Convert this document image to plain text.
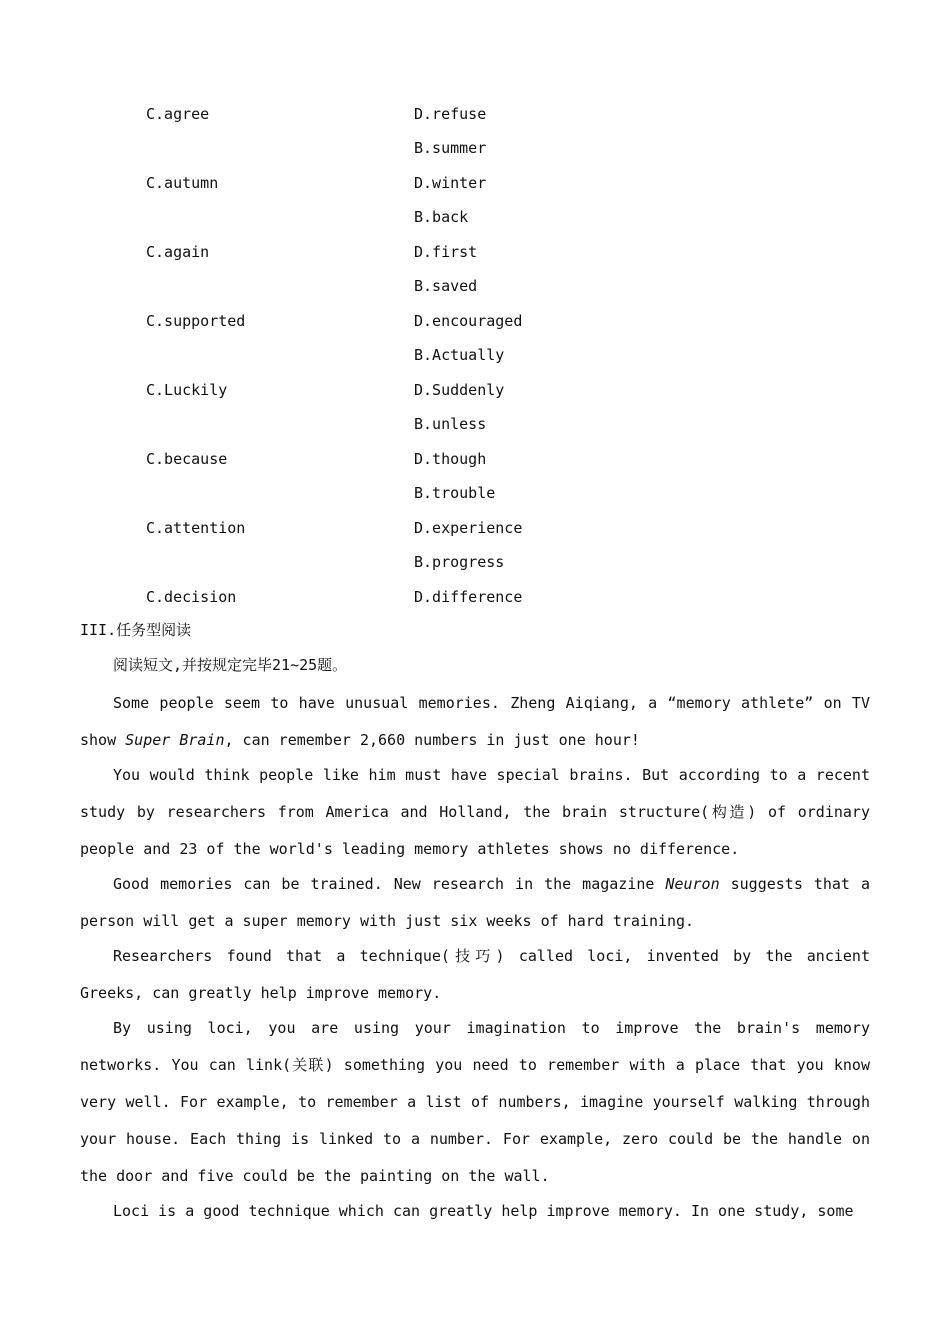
C.agree	D.refuse
B.summer
C.autumn	D.winter
B.back
C.again	D.first
B.saved
C.supported	D.encouraged
B.Actually
C.Luckily	D.Suddenly
B.unless
C.because	D.though
B.trouble
C.attention	D.experience
B.progress
C.decision	D.difference
III.任务型阅读
阅读短文,并按规定完毕21~25题。

Some people seem to have unusual memories. Zheng Aiqiang, a “memory athlete” on TV show Super Brain, can remember 2,660 numbers in just one hour!

You would think people like him must have special brains. But according to a recent study by researchers from America and Holland, the brain structure(构造) of ordinary people and 23 of the world's leading memory athletes shows no difference.

Good memories can be trained. New research in the magazine Neuron suggests that a person will get a super memory with just six weeks of hard training.

Researchers found that a technique(技巧) called loci, invented by the ancient Greeks, can greatly help improve memory.

By using loci, you are using your imagination to improve the brain's memory networks. You can link(关联) something you need to remember with a place that you know very well. For example, to remember a list of numbers, imagine yourself walking through your house. Each thing is linked to a number. For example, zero could be the handle on the door and five could be the painting on the wall.

Loci is a good technique which can greatly help improve memory. In one study, some
